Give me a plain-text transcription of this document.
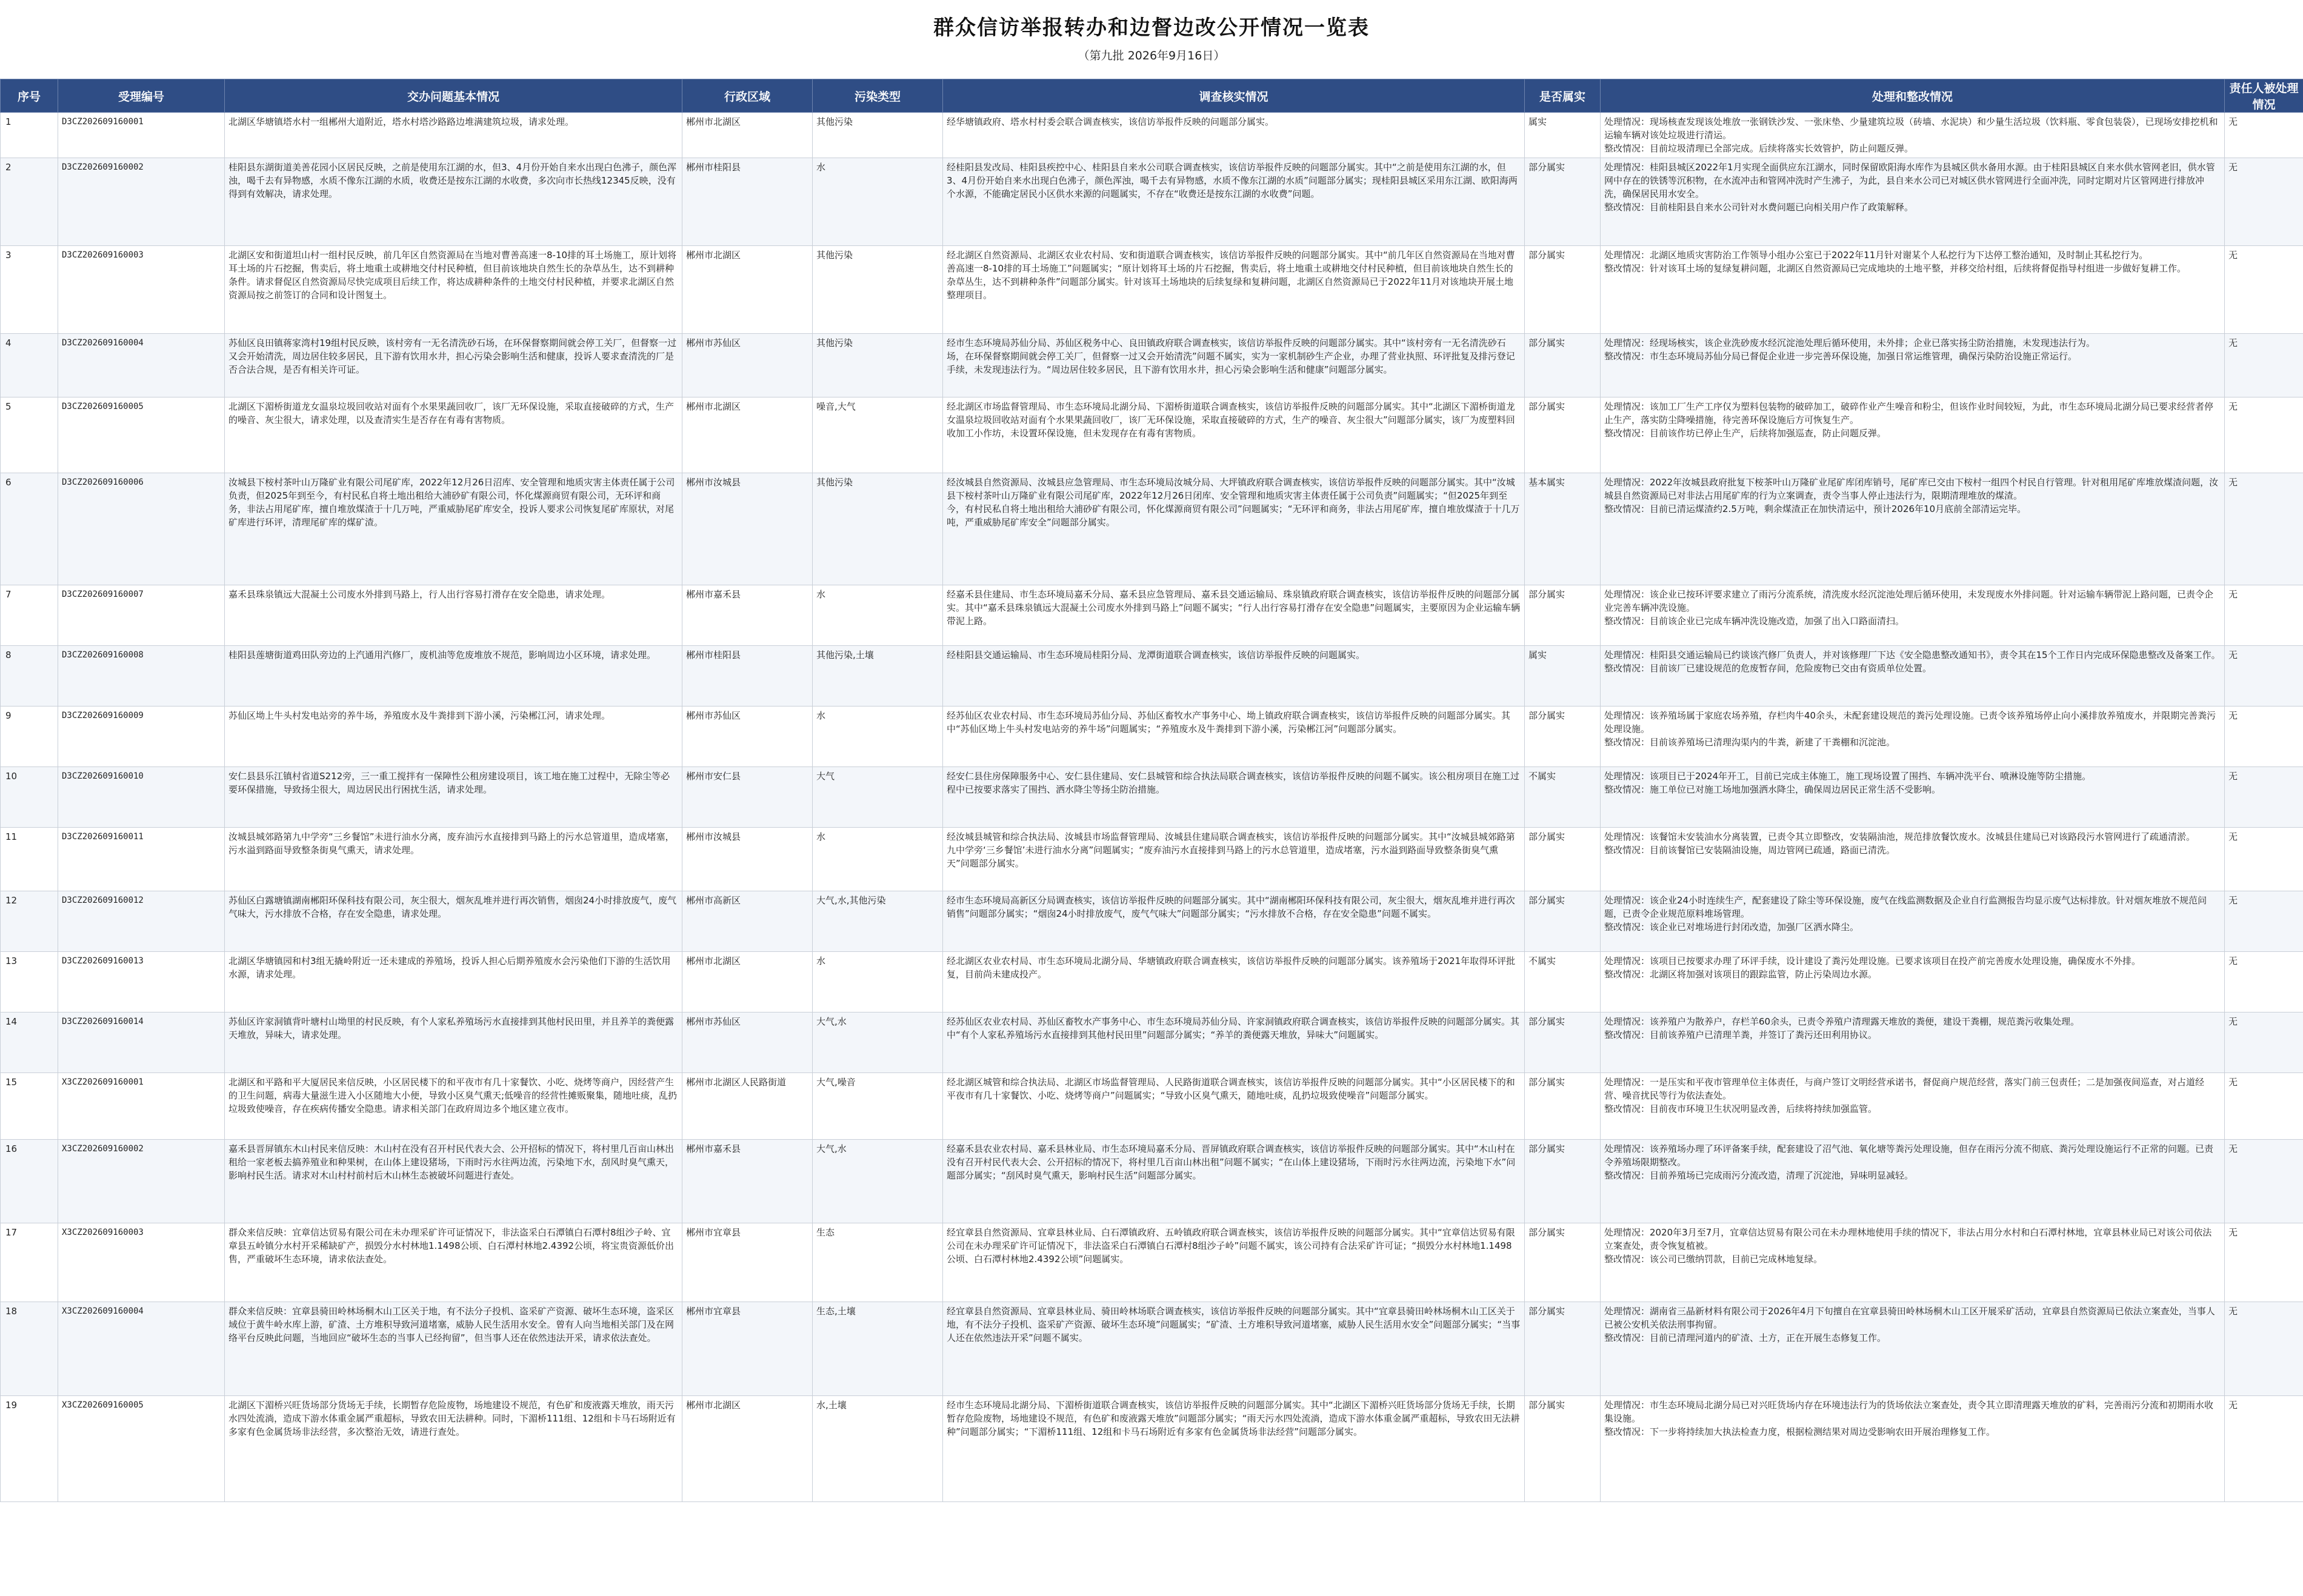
群众信访举报转办和边督边改公开情况一览表
（第九批 2026年9月16日）
序号	受理编号	交办问题基本情况	行政区域	污染类型	调查核实情况	是否属实	处理和整改情况	责任人被处理情况

1	D3CZ202609160001	北湖区华塘镇塔水村一组郴州大道附近，塔水村塔沙路路边堆满建筑垃圾，请求处理。	郴州市北湖区	其他污染	经华塘镇政府、塔水村村委会联合调查核实，该信访举报件反映的问题部分属实。	属实	处理情况：现场核查发现该处堆放一张钢铁沙发、一张床垫、少量建筑垃圾（砖墙、水泥块）和少量生活垃圾（饮料瓶、零食包装袋），已现场安排挖机和运输车辆对该处垃圾进行清运。
整改情况：目前垃圾清理已全部完成。后续将落实长效管护，防止问题反弹。	无

2	D3CZ202609160002	桂阳县东湖街道美善花园小区居民反映，之前是使用东江湖的水，但3、4月份开始自来水出现白色沸子，颜色浑浊，喝千去有异物感，水质不像东江湖的水质，收费还是按东江湖的水收费，多次向市长热线12345反映，没有得到有效解决，请求处理。	郴州市桂阳县	水	经桂阳县发改局、桂阳县疾控中心、桂阳县自来水公司联合调查核实，该信访举报件反映的问题部分属实。其中“之前是使用东江湖的水，但3、4月份开始自来水出现白色沸子，颜色浑浊，喝千去有异物感，水质不像东江湖的水质”问题部分属实；现桂阳县城区采用东江湖、欧阳海两个水源，不能确定居民小区供水来源的问题属实，不存在“收费还是按东江湖的水收费”问题。	部分属实	处理情况：桂阳县城区2022年1月实现全面供应东江湖水，同时保留欧阳海水库作为县城区供水备用水源。由于桂阳县城区自来水供水管网老旧，供水管网中存在的铁锈等沉积物，在水流冲击和管网冲洗时产生沸子，为此，县自来水公司已对城区供水管网进行全面冲洗，同时定期对片区管网进行排放冲洗，确保居民用水安全。
整改情况：目前桂阳县自来水公司针对水费问题已向相关用户作了政策解释。	无

3	D3CZ202609160003	北湖区安和街道坦山村一组村民反映，前几年区自然资源局在当地对曹善高速一8-10排的耳土场施工，原计划将耳土场的片石挖掘，售卖后，将土地重土或耕地交付村民种植，但目前该地块自然生长的杂草丛生，达不到耕种条件。请求督促区自然资源局尽快完成项目后续工作，将达成耕种条件的土地交付村民种植，并要求北湖区自然资源局按之前签订的合同和设计图复土。	郴州市北湖区	其他污染	经北湖区自然资源局、北湖区农业农村局、安和街道联合调查核实，该信访举报件反映的问题部分属实。其中“前几年区自然资源局在当地对曹善高速一8-10排的耳土场施工”问题属实；“原计划将耳土场的片石挖掘，售卖后，将土地重土或耕地交付村民种植，但目前该地块自然生长的杂草丛生，达不到耕种条件”问题部分属实。针对该耳土场地块的后续复绿和复耕问题，北湖区自然资源局已于2022年11月对该地块开展土地整理项目。	部分属实	处理情况：北湖区地质灾害防治工作领导小组办公室已于2022年11月针对谢某个人私挖行为下达停工整治通知，及时制止其私挖行为。
整改情况：针对该耳土场的复绿复耕问题，北湖区自然资源局已完成地块的土地平整，并移交给村组，后续将督促指导村组进一步做好复耕工作。	无

4	D3CZ202609160004	苏仙区良田镇蒋家湾村19组村民反映，该村旁有一无名清洗砂石场，在环保督察期间就会停工关厂，但督察一过又会开始清洗，周边居住较多居民，且下游有饮用水井，担心污染会影响生活和健康，投诉人要求查清洗的厂是否合法合规，是否有相关许可证。	郴州市苏仙区	其他污染	经市生态环境局苏仙分局、苏仙区税务中心、良田镇政府联合调查核实，该信访举报件反映的问题部分属实。其中“该村旁有一无名清洗砂石场，在环保督察期间就会停工关厂，但督察一过又会开始清洗”问题不属实，实为一家机制砂生产企业，办理了营业执照、环评批复及排污登记手续，未发现违法行为。“周边居住较多居民，且下游有饮用水井，担心污染会影响生活和健康”问题部分属实。	部分属实	处理情况：经现场核实，该企业洗砂废水经沉淀池处理后循环使用，未外排；企业已落实扬尘防治措施，未发现违法行为。
整改情况：市生态环境局苏仙分局已督促企业进一步完善环保设施，加强日常运维管理，确保污染防治设施正常运行。	无

5	D3CZ202609160005	北湖区下湄桥街道龙女温泉垃圾回收站对面有个水果果蔬回收厂，该厂无环保设施，采取直接破碎的方式，生产的噪音、灰尘很大，请求处理，以及查清实生是否存在有毒有害物质。	郴州市北湖区	噪音,大气	经北湖区市场监督管理局、市生态环境局北湖分局、下湄桥街道联合调查核实，该信访举报件反映的问题部分属实。其中“北湖区下湄桥街道龙女温泉垃圾回收站对面有个水果果蔬回收厂，该厂无环保设施，采取直接破碎的方式，生产的噪音、灰尘很大”问题部分属实，该厂为废塑料回收加工小作坊，未设置环保设施，但未发现存在有毒有害物质。	部分属实	处理情况：该加工厂生产工序仅为塑料包装物的破碎加工，破碎作业产生噪音和粉尘，但该作业时间较短，为此，市生态环境局北湖分局已要求经营者停止生产，落实防尘降噪措施，待完善环保设施后方可恢复生产。
整改情况：目前该作坊已停止生产，后续将加强巡查，防止问题反弹。	无

6	D3CZ202609160006	汝城县下桉村茶叶山万隆矿业有限公司尾矿库，2022年12月26日沼库、安全管理和地质灾害主体责任属于公司负责，但2025年到至今，有村民私自将土地出租给大浦砂矿有限公司，怀化煤源商贸有限公司，无环评和商务，非法占用尾矿库，擅自堆放煤渣于十几万吨，严重威胁尾矿库安全，投诉人要求公司恢复尾矿库原状，对尾矿库进行环评，清理尾矿库的煤矿渣。	郴州市汝城县	其他污染	经汝城县自然资源局、汝城县应急管理局、市生态环境局汝城分局、大坪镇政府联合调查核实，该信访举报件反映的问题部分属实。其中“汝城县下桉村茶叶山万隆矿业有限公司尾矿库，2022年12月26日闭库、安全管理和地质灾害主体责任属于公司负责”问题属实；“但2025年到至今，有村民私自将土地出租给大浦砂矿有限公司，怀化煤源商贸有限公司”问题属实；“无环评和商务，非法占用尾矿库，擅自堆放煤渣于十几万吨，严重威胁尾矿库安全”问题部分属实。	基本属实	处理情况：2022年汝城县政府批复下桉茶叶山万隆矿业尾矿库闭库销号，尾矿库已交由下桉村一组四个村民自行管理。针对租用尾矿库堆放煤渣问题，汝城县自然资源局已对非法占用尾矿库的行为立案调查，责令当事人停止违法行为，限期清理堆放的煤渣。
整改情况：目前已清运煤渣约2.5万吨，剩余煤渣正在加快清运中，预计2026年10月底前全部清运完毕。	无

7	D3CZ202609160007	嘉禾县珠泉镇远大混凝土公司废水外排到马路上，行人出行容易打滑存在安全隐患，请求处理。	郴州市嘉禾县	水	经嘉禾县住建局、市生态环境局嘉禾分局、嘉禾县应急管理局、嘉禾县交通运输局、珠泉镇政府联合调查核实，该信访举报件反映的问题部分属实。其中“嘉禾县珠泉镇远大混凝土公司废水外排到马路上”问题不属实；“行人出行容易打滑存在安全隐患”问题属实，主要原因为企业运输车辆带泥上路。	部分属实	处理情况：该企业已按环评要求建立了雨污分流系统，清洗废水经沉淀池处理后循环使用，未发现废水外排问题。针对运输车辆带泥上路问题，已责令企业完善车辆冲洗设施。
整改情况：目前该企业已完成车辆冲洗设施改造，加强了出入口路面清扫。	无

8	D3CZ202609160008	桂阳县莲塘街道鸡田队旁边的上汽通用汽修厂，废机油等危废堆放不规范，影响周边小区环境，请求处理。	郴州市桂阳县	其他污染,土壤	经桂阳县交通运输局、市生态环境局桂阳分局、龙潭街道联合调查核实，该信访举报件反映的问题属实。	属实	处理情况：桂阳县交通运输局已约谈该汽修厂负责人，并对该修理厂下达《安全隐患整改通知书》，责令其在15个工作日内完成环保隐患整改及备案工作。
整改情况：目前该厂已建设规范的危废暂存间，危险废物已交由有资质单位处置。	无

9	D3CZ202609160009	苏仙区坳上牛头村发电站旁的养牛场，养殖废水及牛粪排到下游小溪，污染郴江河，请求处理。	郴州市苏仙区	水	经苏仙区农业农村局、市生态环境局苏仙分局、苏仙区畜牧水产事务中心、坳上镇政府联合调查核实，该信访举报件反映的问题部分属实。其中“苏仙区坳上牛头村发电站旁的养牛场”问题属实；“养殖废水及牛粪排到下游小溪，污染郴江河”问题部分属实。	部分属实	处理情况：该养殖场属于家庭农场养殖，存栏肉牛40余头，未配套建设规范的粪污处理设施。已责令该养殖场停止向小溪排放养殖废水，并限期完善粪污处理设施。
整改情况：目前该养殖场已清理沟渠内的牛粪，新建了干粪棚和沉淀池。	无

10	D3CZ202609160010	安仁县县乐江镇村省道S212旁，三一重工搅拌有一保障性公租房建设项目，该工地在施工过程中，无除尘等必要环保措施，导致扬尘很大，周边居民出行困扰生活，请求处理。	郴州市安仁县	大气	经安仁县住房保障服务中心、安仁县住建局、安仁县城管和综合执法局联合调查核实，该信访举报件反映的问题不属实。该公租房项目在施工过程中已按要求落实了围挡、洒水降尘等扬尘防治措施。	不属实	处理情况：该项目已于2024年开工，目前已完成主体施工，施工现场设置了围挡、车辆冲洗平台、喷淋设施等防尘措施。
整改情况：施工单位已对施工场地加强洒水降尘，确保周边居民正常生活不受影响。	无

11	D3CZ202609160011	汝城县城郊路第九中学旁“三乡餐馆”未进行油水分离，废弃油污水直接排到马路上的污水总管道里，造成堵塞，污水溢到路面导致整条街臭气熏天，请求处理。	郴州市汝城县	水	经汝城县城管和综合执法局、汝城县市场监督管理局、汝城县住建局联合调查核实，该信访举报件反映的问题部分属实。其中“汝城县城郊路第九中学旁‘三乡餐馆’未进行油水分离”问题属实；“废弃油污水直接排到马路上的污水总管道里，造成堵塞，污水溢到路面导致整条街臭气熏天”问题部分属实。	部分属实	处理情况：该餐馆未安装油水分离装置，已责令其立即整改，安装隔油池，规范排放餐饮废水。汝城县住建局已对该路段污水管网进行了疏通清淤。
整改情况：目前该餐馆已安装隔油设施，周边管网已疏通，路面已清洗。	无

12	D3CZ202609160012	苏仙区白露塘镇湖南郴阳环保科技有限公司，灰尘很大，烟灰乱堆并进行再次销售，烟囱24小时排放废气，废气气味大，污水排放不合格，存在安全隐患，请求处理。	郴州市高新区	大气,水,其他污染	经市生态环境局高新区分局调查核实，该信访举报件反映的问题部分属实。其中“湖南郴阳环保科技有限公司，灰尘很大，烟灰乱堆并进行再次销售”问题部分属实；“烟囱24小时排放废气，废气气味大”问题部分属实；“污水排放不合格，存在安全隐患”问题不属实。	部分属实	处理情况：该企业24小时连续生产，配套建设了除尘等环保设施，废气在线监测数据及企业自行监测报告均显示废气达标排放。针对烟灰堆放不规范问题，已责令企业规范原料堆场管理。
整改情况：该企业已对堆场进行封闭改造，加强厂区洒水降尘。	无

13	D3CZ202609160013	北湖区华塘镇园和村3组无撬岭附近一还未建成的养殖场，投诉人担心后期养殖废水会污染他们下游的生活饮用水源，请求处理。	郴州市北湖区	水	经北湖区农业农村局、市生态环境局北湖分局、华塘镇政府联合调查核实，该信访举报件反映的问题部分属实。该养殖场于2021年取得环评批复，目前尚未建成投产。	不属实	处理情况：该项目已按要求办理了环评手续，设计建设了粪污处理设施。已要求该项目在投产前完善废水处理设施，确保废水不外排。
整改情况：北湖区将加强对该项目的跟踪监管，防止污染周边水源。	无

14	D3CZ202609160014	苏仙区许家洞镇背叶塘村山坳里的村民反映，有个人家私养殖场污水直接排到其他村民田里，并且养羊的粪便露天堆放，异味大，请求处理。	郴州市苏仙区	大气,水	经苏仙区农业农村局、苏仙区畜牧水产事务中心、市生态环境局苏仙分局、许家洞镇政府联合调查核实，该信访举报件反映的问题部分属实。其中“有个人家私养殖场污水直接排到其他村民田里”问题部分属实；“养羊的粪便露天堆放，异味大”问题属实。	部分属实	处理情况：该养殖户为散养户，存栏羊60余头，已责令养殖户清理露天堆放的粪便，建设干粪棚，规范粪污收集处理。
整改情况：目前该养殖户已清理羊粪，并签订了粪污还田利用协议。	无

15	X3CZ202609160001	北湖区和平路和平大厦居民来信反映，小区居民楼下的和平夜市有几十家餐饮、小吃、烧烤等商户，因经营产生的卫生问题，病毒大量滋生进入小区随地大小便，导致小区臭气熏天;低噪音的经营性摊贩聚集，随地吐痰，乱扔垃圾致使噪音，存在疾病传播安全隐患。请求相关部门在政府周边多个地区建立夜市。	郴州市北湖区人民路街道	大气,噪音	经北湖区城管和综合执法局、北湖区市场监督管理局、人民路街道联合调查核实，该信访举报件反映的问题部分属实。其中“小区居民楼下的和平夜市有几十家餐饮、小吃、烧烤等商户”问题属实；“导致小区臭气熏天，随地吐痰，乱扔垃圾致使噪音”问题部分属实。	部分属实	处理情况：一是压实和平夜市管理单位主体责任，与商户签订文明经营承诺书，督促商户规范经营，落实门前三包责任；二是加强夜间巡查，对占道经营、噪音扰民等行为依法查处。
整改情况：目前夜市环境卫生状况明显改善，后续将持续加强监管。	无

16	X3CZ202609160002	嘉禾县晋屏镇东木山村民来信反映：木山村在没有召开村民代表大会、公开招标的情况下，将村里几百亩山林出租给一家老板去搞养殖业和种果树，在山体上建设猪场，下雨时污水往两边流，污染地下水，刮风时臭气熏天，影响村民生活。请求对木山村村前村后木山林生态被破坏问题进行查处。	郴州市嘉禾县	大气,水	经嘉禾县农业农村局、嘉禾县林业局、市生态环境局嘉禾分局、晋屏镇政府联合调查核实，该信访举报件反映的问题部分属实。其中“木山村在没有召开村民代表大会、公开招标的情况下，将村里几百亩山林出租”问题不属实；“在山体上建设猪场，下雨时污水往两边流，污染地下水”问题部分属实；“刮风时臭气熏天，影响村民生活”问题部分属实。	部分属实	处理情况：该养殖场办理了环评备案手续，配套建设了沼气池、氧化塘等粪污处理设施，但存在雨污分流不彻底、粪污处理设施运行不正常的问题。已责令养殖场限期整改。
整改情况：目前养殖场已完成雨污分流改造，清理了沉淀池，异味明显减轻。	无

17	X3CZ202609160003	群众来信反映：宜章信达贸易有限公司在未办理采矿许可证情况下，非法盗采白石潭镇白石潭村8组沙子岭、宜章县五岭镇分水村开采稀缺矿产，损毁分水村林地1.1498公顷、白石潭村林地2.4392公顷，将宝贵资源低价出售，严重破坏生态环境，请求依法查处。	郴州市宜章县	生态	经宜章县自然资源局、宜章县林业局、白石潭镇政府、五岭镇政府联合调查核实，该信访举报件反映的问题部分属实。其中“宜章信达贸易有限公司在未办理采矿许可证情况下，非法盗采白石潭镇白石潭村8组沙子岭”问题不属实，该公司持有合法采矿许可证；“损毁分水村林地1.1498公顷、白石潭村林地2.4392公顷”问题属实。	部分属实	处理情况：2020年3月至7月，宜章信达贸易有限公司在未办理林地使用手续的情况下，非法占用分水村和白石潭村林地，宜章县林业局已对该公司依法立案查处，责令恢复植被。
整改情况：该公司已缴纳罚款，目前已完成林地复绿。	无

18	X3CZ202609160004	群众来信反映：宜章县骑田岭林场桐木山工区关于地，有不法分子投机、盗采矿产资源、破坏生态环境，盗采区域位于黄牛岭水库上游，矿渣、土方堆积导致河道堵塞，威胁人民生活用水安全。曾有人向当地相关部门及在网络平台反映此问题，当地回应“破坏生态的当事人已经拘留”，但当事人还在依然违法开采，请求依法查处。	郴州市宜章县	生态,土壤	经宜章县自然资源局、宜章县林业局、骑田岭林场联合调查核实，该信访举报件反映的问题部分属实。其中“宜章县骑田岭林场桐木山工区关于地，有不法分子投机、盗采矿产资源、破坏生态环境”问题属实；“矿渣、土方堆积导致河道堵塞，威胁人民生活用水安全”问题部分属实；“当事人还在依然违法开采”问题不属实。	部分属实	处理情况：湖南省三晶新材料有限公司于2026年4月下旬擅自在宜章县骑田岭林场桐木山工区开展采矿活动，宜章县自然资源局已依法立案查处，当事人已被公安机关依法刑事拘留。
整改情况：目前已清理河道内的矿渣、土方，正在开展生态修复工作。	无

19	X3CZ202609160005	北湖区下湄桥兴旺货场部分货场无手续，长期暂存危险废物，场地建设不规范，有色矿和废液露天堆放，雨天污水四处流淌，造成下游水体重金属严重超标，导致农田无法耕种。同时，下湄桥111组、12组和卡马石场附近有多家有色金属货场非法经营，多次整治无效，请进行查处。	郴州市北湖区	水,土壤	经市生态环境局北湖分局、下湄桥街道联合调查核实，该信访举报件反映的问题部分属实。其中“北湖区下湄桥兴旺货场部分货场无手续，长期暂存危险废物，场地建设不规范，有色矿和废液露天堆放”问题部分属实；“雨天污水四处流淌，造成下游水体重金属严重超标，导致农田无法耕种”问题部分属实；“下湄桥111组、12组和卡马石场附近有多家有色金属货场非法经营”问题部分属实。	部分属实	处理情况：市生态环境局北湖分局已对兴旺货场内存在环境违法行为的货场依法立案查处，责令其立即清理露天堆放的矿料，完善雨污分流和初期雨水收集设施。
整改情况：下一步将持续加大执法检查力度，根据检测结果对周边受影响农田开展治理修复工作。	无
